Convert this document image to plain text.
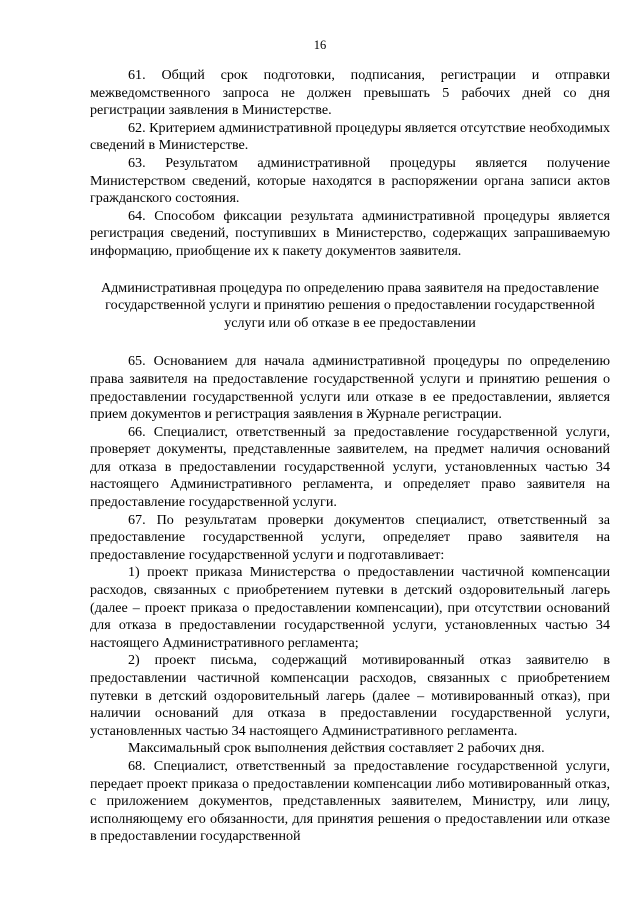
16

61. Общий срок подготовки, подписания, регистрации и отправки межведомственного запроса не должен превышать 5 рабочих дней со дня регистрации заявления в Министерстве.

62. Критерием административной процедуры является отсутствие необходимых сведений в Министерстве.

63. Результатом административной процедуры является получение Министерством сведений, которые находятся в распоряжении органа записи актов гражданского состояния.

64. Способом фиксации результата административной процедуры является регистрация сведений, поступивших в Министерство, содержащих запрашиваемую информацию, приобщение их к пакету документов заявителя.

Административная процедура по определению права заявителя на предоставление государственной услуги и принятию решения о предоставлении государственной услуги или об отказе в ее предоставлении

65. Основанием для начала административной процедуры по определению права заявителя на предоставление государственной услуги и принятию решения о предоставлении государственной услуги или отказе в ее предоставлении, является прием документов и регистрация заявления в Журнале регистрации.

66. Специалист, ответственный за предоставление государственной услуги, проверяет документы, представленные заявителем, на предмет наличия оснований для отказа в предоставлении государственной услуги, установленных частью 34 настоящего Административного регламента, и определяет право заявителя на предоставление государственной услуги.

67. По результатам проверки документов специалист, ответственный за предоставление государственной услуги, определяет право заявителя на предоставление государственной услуги и подготавливает:

1) проект приказа Министерства о предоставлении частичной компенсации расходов, связанных с приобретением путевки в детский оздоровительный лагерь (далее – проект приказа о предоставлении компенсации), при отсутствии оснований для отказа в предоставлении государственной услуги, установленных частью 34 настоящего Административного регламента;

2) проект письма, содержащий мотивированный отказ заявителю в предоставлении частичной компенсации расходов, связанных с приобретением путевки в детский оздоровительный лагерь (далее – мотивированный отказ), при наличии оснований для отказа в предоставлении государственной услуги, установленных частью 34 настоящего Административного регламента.

Максимальный срок выполнения действия составляет 2 рабочих дня.

68. Специалист, ответственный за предоставление государственной услуги, передает проект приказа о предоставлении компенсации либо мотивированный отказ, с приложением документов, представленных заявителем, Министру, или лицу, исполняющему его обязанности, для принятия решения о предоставлении или отказе в предоставлении государственной
